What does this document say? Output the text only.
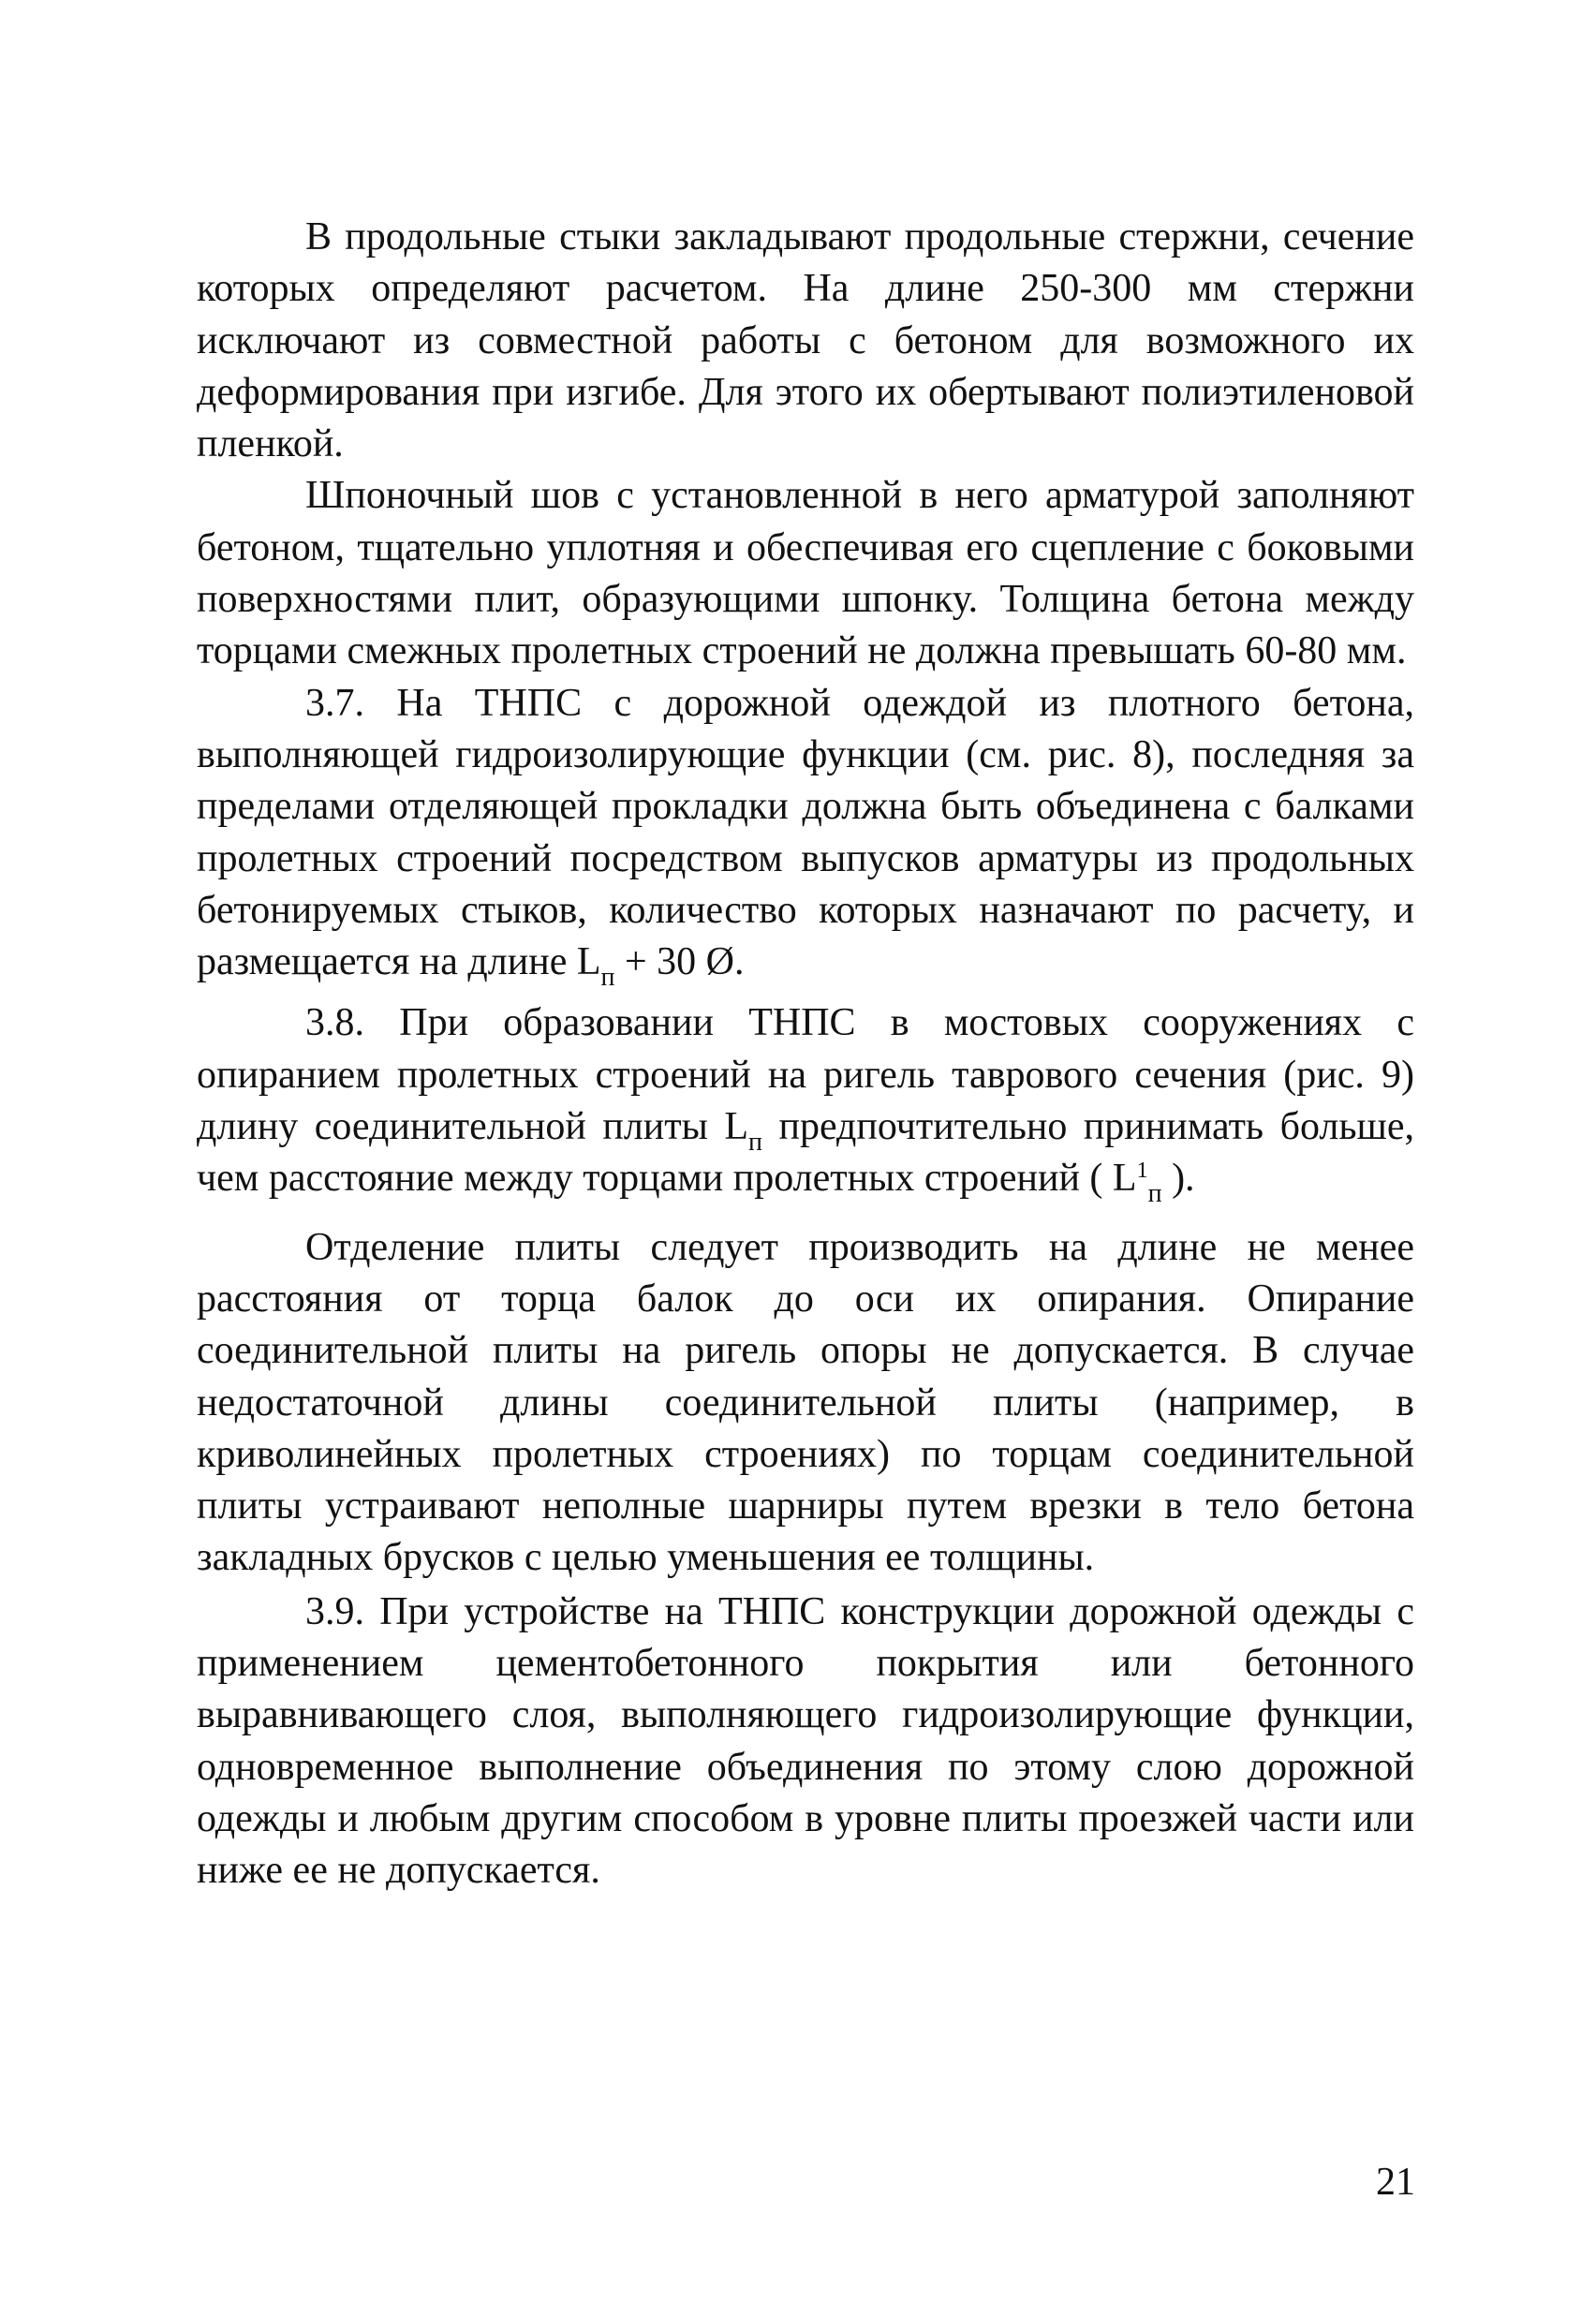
В продольные стыки закладывают продольные стержни, сечение которых определяют расчетом. На длине 250-300 мм стержни исключают из совместной работы с бетоном для возможного их деформирования при изгибе. Для этого их обертывают полиэтиленовой пленкой.

Шпоночный шов с установленной в него арматурой заполняют бетоном, тщательно уплотняя и обеспечивая его сцепление с боковыми поверхностями плит, образующими шпонку. Толщина бетона между торцами смежных пролетных строений не должна превышать 60-80 мм.

3.7. На ТНПС с дорожной одеждой из плотного бетона, выполняющей гидроизолирующие функции (см. рис. 8), последняя за пределами отделяющей прокладки должна быть объединена с балками пролетных строений посредством выпусков арматуры из продольных бетонируемых стыков, количество которых назначают по расчету, и размещается на длине $L_п + 30$ Ø.

3.8. При образовании ТНПС в мостовых сооружениях с опиранием пролетных строений на ригель таврового сечения (рис. 9) длину соединительной плиты $L_п$ предпочтительно принимать больше, чем расстояние между торцами пролетных строений ( $L^1_п$ ).

Отделение плиты следует производить на длине не менее расстояния от торца балок до оси их опирания. Опирание соединительной плиты на ригель опоры не допускается. В случае недостаточной длины соединительной плиты (например, в криволинейных пролетных строениях) по торцам соединительной плиты устраивают неполные шарниры путем врезки в тело бетона закладных брусков с целью уменьшения ее толщины.

3.9. При устройстве на ТНПС конструкции дорожной одежды с применением цементобетонного покрытия или бетонного выравнивающего слоя, выполняющего гидроизолирующие функции, одновременное выполнение объединения по этому слою дорожной одежды и любым другим способом в уровне плиты проезжей части или ниже ее не допускается.

21
